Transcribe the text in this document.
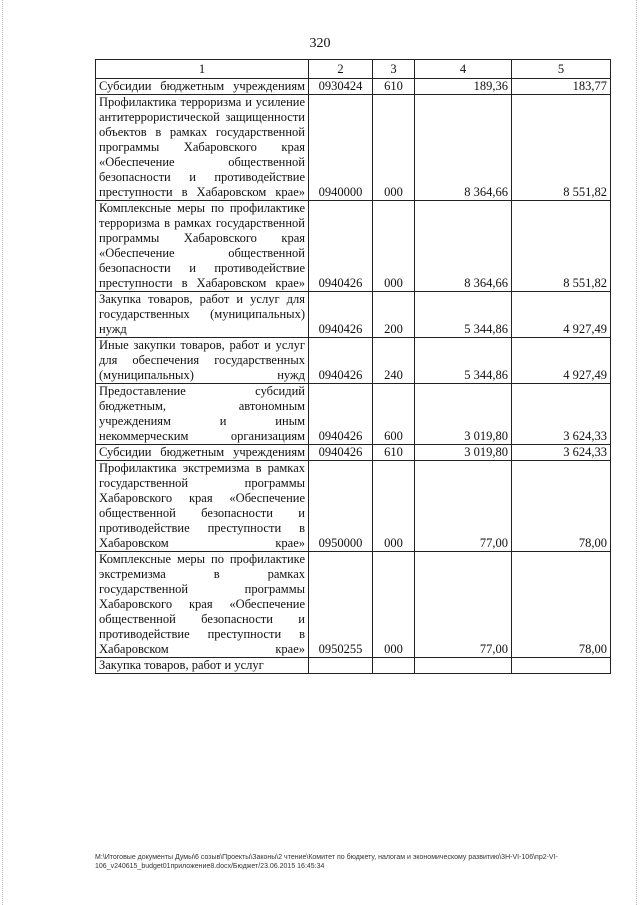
320
1	2	3	4	5
Субсидии бюджетным учреждениям	0930424	610	189,36	183,77
Профилактика терроризма и усиление антитеррористической защищенности объектов в рамках государственной программы Хабаровского края «Обеспечение общественной безопасности и противодействие преступности в Хабаровском крае»	0940000	000	8 364,66	8 551,82
Комплексные меры по профилактике терроризма в рамках государственной программы Хабаровского края «Обеспечение общественной безопасности и противодействие преступности в Хабаровском крае»	0940426	000	8 364,66	8 551,82
Закупка товаров, работ и услуг для государственных (муниципальных) нужд	0940426	200	5 344,86	4 927,49
Иные закупки товаров, работ и услуг для обеспечения государственных (муниципальных) нужд	0940426	240	5 344,86	4 927,49
Предоставление субсидий бюджетным, автономным учреждениям и иным некоммерческим организациям	0940426	600	3 019,80	3 624,33
Субсидии бюджетным учреждениям	0940426	610	3 019,80	3 624,33
Профилактика экстремизма в рамках государственной программы Хабаровского края «Обеспечение общественной безопасности и противодействие преступности в Хабаровском крае»	0950000	000	77,00	78,00
Комплексные меры по профилактике экстремизма в рамках государственной программы Хабаровского края «Обеспечение общественной безопасности и противодействие преступности в Хабаровском крае»	0950255	000	77,00	78,00
Закупка товаров, работ и услуг				
М:\Итоговые документы Думы\6 созыв\Проекты\Законы\2 чтение\Комитет по бюджету, налогам и экономическому развитию\3Н-VI-106\пр2-VI-106_v240615_budget01приложение8.docx/Бюджет/23.06.2015 16:45:34
